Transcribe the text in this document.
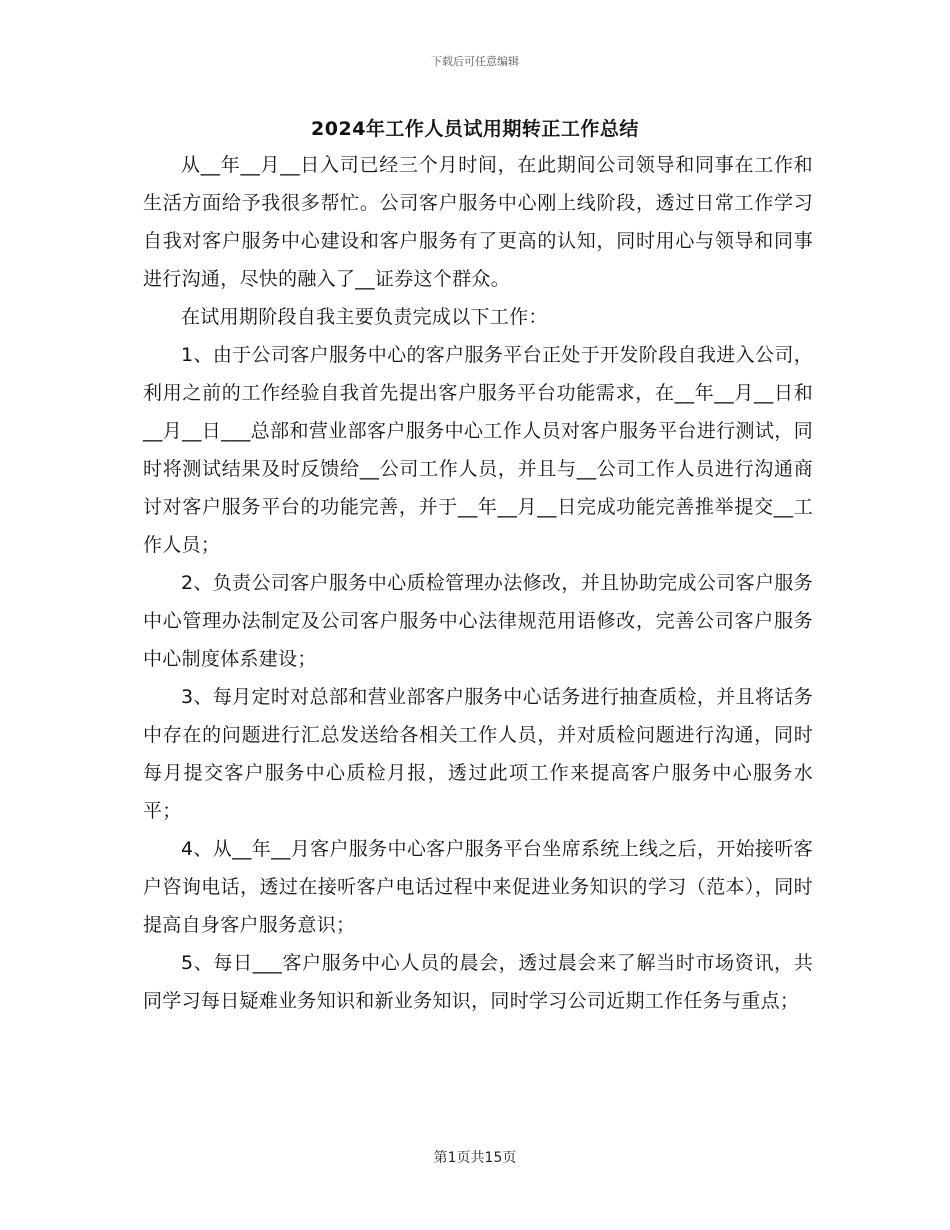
下载后可任意编辑
2024年工作人员试用期转正工作总结

从__年__月__日入司已经三个月时间，在此期间公司领导和同事在工作和生活方面给予我很多帮忙。公司客户服务中心刚上线阶段，透过日常工作学习自我对客户服务中心建设和客户服务有了更高的认知，同时用心与领导和同事进行沟通，尽快的融入了__证券这个群众。

在试用期阶段自我主要负责完成以下工作：

1、由于公司客户服务中心的客户服务平台正处于开发阶段自我进入公司，利用之前的工作经验自我首先提出客户服务平台功能需求，在__年__月__日和__月__日___总部和营业部客户服务中心工作人员对客户服务平台进行测试，同时将测试结果及时反馈给__公司工作人员，并且与__公司工作人员进行沟通商讨对客户服务平台的功能完善，并于__年__月__日完成功能完善推举提交__工作人员；

2、负责公司客户服务中心质检管理办法修改，并且协助完成公司客户服务中心管理办法制定及公司客户服务中心法律规范用语修改，完善公司客户服务中心制度体系建设；

3、每月定时对总部和营业部客户服务中心话务进行抽查质检，并且将话务中存在的问题进行汇总发送给各相关工作人员，并对质检问题进行沟通，同时每月提交客户服务中心质检月报，透过此项工作来提高客户服务中心服务水平；

4、从__年__月客户服务中心客户服务平台坐席系统上线之后，开始接听客户咨询电话，透过在接听客户电话过程中来促进业务知识的学习（范本），同时提高自身客户服务意识；

5、每日___客户服务中心人员的晨会，透过晨会来了解当时市场资讯，共同学习每日疑难业务知识和新业务知识，同时学习公司近期工作任务与重点；

第1页共15页
